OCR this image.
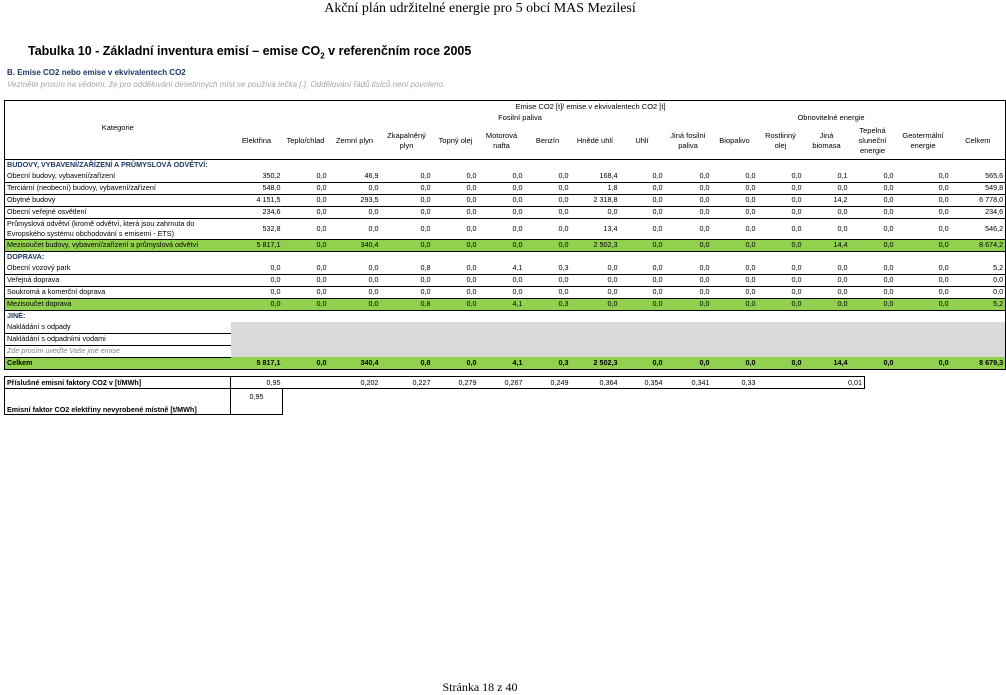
Akční plán udržitelné energie pro 5 obcí MAS Mezilesí
Tabulka 10 - Základní inventura emisí – emise $CO_2$ v referenčním roce 2005
B. Emise CO2 nebo emise v ekvivalentech CO2
Vezměte prosím na vědomí, že pro oddělování desetinných míst se používá tečka [.]. Oddělování řádů tisíců není povoleno.
	Emise CO2 [t]/ emise v ekvivalentech CO2 [t]															
			Fosilní paliva								Obnovitelné energie					
Kategorie	Elektřina	Teplo/chlad	Zemní plyn	Zkapalněný plyn	Topný olej	Motorová nafta	Benzín	Hnědé uhlí	Uhlí	Jiná fosilní paliva	Biopalivo	Rostlinný olej	Jiná biomasa	Tepelná sluneční energie	Geotermální energie	Celkem
BUDOVY, VYBAVENÍ/ZAŘÍZENÍ A PRŮMYSLOVÁ ODVĚTVÍ:																
Obecní budovy, vybavení/zařízení	350,2	0,0	46,9	0,0	0,0	0,0	0,0	168,4	0,0	0,0	0,0	0,0	0,1	0,0	0,0	565,6
Terciární (neobecní) budovy, vybavení/zařízení	548,0	0,0	0,0	0,0	0,0	0,0	0,0	1,8	0,0	0,0	0,0	0,0	0,0	0,0	0,0	549,8
Obytné budovy	4 151,5	0,0	293,5	0,0	0,0	0,0	0,0	2 318,8	0,0	0,0	0,0	0,0	14,2	0,0	0,0	6 778,0
Obecní veřejné osvětlení	234,6	0,0	0,0	0,0	0,0	0,0	0,0	0,0	0,0	0,0	0,0	0,0	0,0	0,0	0,0	234,6
Průmyslová odvětví (kromě odvětví, která jsou zahrnuta do Evropského systému obchodování s emisemi - ETS)	532,8	0,0	0,0	0,0	0,0	0,0	0,0	13,4	0,0	0,0	0,0	0,0	0,0	0,0	0,0	546,2
Mezisoučet budovy, vybavení/zařízení a průmyslová odvětví	5 817,1	0,0	340,4	0,0	0,0	0,0	0,0	2 502,3	0,0	0,0	0,0	0,0	14,4	0,0	0,0	8 674,2
DOPRAVA:																
Obecní vozový park	0,0	0,0	0,0	0,8	0,0	4,1	0,3	0,0	0,0	0,0	0,0	0,0	0,0	0,0	0,0	5,2
Veřejná doprava	0,0	0,0	0,0	0,0	0,0	0,0	0,0	0,0	0,0	0,0	0,0	0,0	0,0	0,0	0,0	0,0
Soukromá a komerční doprava	0,0	0,0	0,0	0,0	0,0	0,0	0,0	0,0	0,0	0,0	0,0	0,0	0,0	0,0	0,0	0,0
Mezisoučet doprava	0,0	0,0	0,0	0,8	0,0	4,1	0,3	0,0	0,0	0,0	0,0	0,0	0,0	0,0	0,0	5,2
JINÉ:																
Nakládání s odpady																
Nakládání s odpadními vodami																
Zde prosím uveďte Vaše jiné emise																
Celkem	5 817,1	0,0	340,4	0,8	0,0	4,1	0,3	2 502,3	0,0	0,0	0,0	0,0	14,4	0,0	0,0	8 679,3
Příslušné emisní faktory CO2 v [t/MWh]	0,95		0,202	0,227	0,279	0,267	0,249	0,364	0,354	0,341	0,33		0,01
Emisní faktor CO2 elektřiny nevyrobené místně [t/MWh]	0,95												
Stránka 18 z 40
